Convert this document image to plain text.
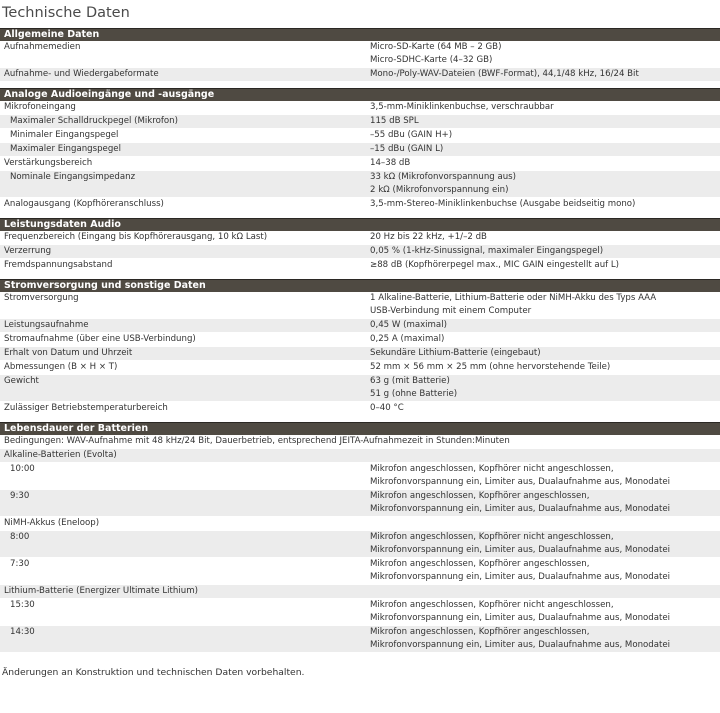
Technische Daten
Allgemeine Daten
Aufnahmemedien	Micro-SD-Karte (64 MB – 2 GB)
Micro-SDHC-Karte (4–32 GB)
Aufnahme- und Wiedergabeformate	Mono-/Poly-WAV-Dateien (BWF-Format), 44,1/48 kHz, 16/24 Bit
Analoge Audioeingänge und -ausgänge
Mikrofoneingang	3,5-mm-Miniklinkenbuchse, verschraubbar
Maximaler Schalldruckpegel (Mikrofon)	115 dB SPL
Minimaler Eingangspegel	–55 dBu (GAIN H+)
Maximaler Eingangspegel	–15 dBu (GAIN L)
Verstärkungsbereich	14–38 dB
Nominale Eingangsimpedanz	33 kΩ (Mikrofonvorspannung aus)
2 kΩ (Mikrofonvorspannung ein)
Analogausgang (Kopfhöreranschluss)	3,5-mm-Stereo-Miniklinkenbuchse (Ausgabe beidseitig mono)
Leistungsdaten Audio
Frequenzbereich (Eingang bis Kopfhörerausgang, 10 kΩ Last)	20 Hz bis 22 kHz, +1/–2 dB
Verzerrung	0,05 % (1-kHz-Sinussignal, maximaler Eingangspegel)
Fremdspannungsabstand	≥88 dB (Kopfhörerpegel max., MIC GAIN eingestellt auf L)
Stromversorgung und sonstige Daten
Stromversorgung	1 Alkaline-Batterie, Lithium-Batterie oder NiMH-Akku des Typs AAA
USB-Verbindung mit einem Computer
Leistungsaufnahme	0,45 W (maximal)
Stromaufnahme (über eine USB-Verbindung)	0,25 A (maximal)
Erhalt von Datum und Uhrzeit	Sekundäre Lithium-Batterie (eingebaut)
Abmessungen (B × H × T)	52 mm × 56 mm × 25 mm (ohne hervorstehende Teile)
Gewicht	63 g (mit Batterie)
51 g (ohne Batterie)
Zulässiger Betriebstemperaturbereich	0–40 °C
Lebensdauer der Batterien
Bedingungen: WAV-Aufnahme mit 48 kHz/24 Bit, Dauerbetrieb, entsprechend JEITA-Aufnahmezeit in Stunden:Minuten
Alkaline-Batterien (Evolta)
10:00	Mikrofon angeschlossen, Kopfhörer nicht angeschlossen,
Mikrofonvorspannung ein, Limiter aus, Dualaufnahme aus, Monodatei
9:30	Mikrofon angeschlossen, Kopfhörer angeschlossen,
Mikrofonvorspannung ein, Limiter aus, Dualaufnahme aus, Monodatei
NiMH-Akkus (Eneloop)
8:00	Mikrofon angeschlossen, Kopfhörer nicht angeschlossen,
Mikrofonvorspannung ein, Limiter aus, Dualaufnahme aus, Monodatei
7:30	Mikrofon angeschlossen, Kopfhörer angeschlossen,
Mikrofonvorspannung ein, Limiter aus, Dualaufnahme aus, Monodatei
Lithium-Batterie (Energizer Ultimate Lithium)
15:30	Mikrofon angeschlossen, Kopfhörer nicht angeschlossen,
Mikrofonvorspannung ein, Limiter aus, Dualaufnahme aus, Monodatei
14:30	Mikrofon angeschlossen, Kopfhörer angeschlossen,
Mikrofonvorspannung ein, Limiter aus, Dualaufnahme aus, Monodatei
Änderungen an Konstruktion und technischen Daten vorbehalten.
